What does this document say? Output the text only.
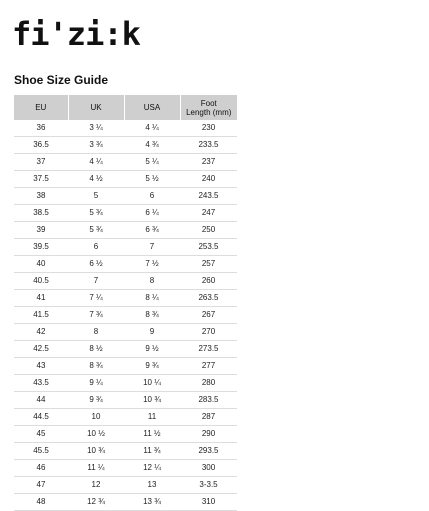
fi'zi:k
Shoe Size Guide
EU	UK	USA	Foot
Length (mm)
36	3 ¼	4 ¼	230
36.5	3 ¾	4 ¾	233.5
37	4 ¼	5 ¼	237
37.5	4 ½	5 ½	240
38	5	6	243.5
38.5	5 ¾	6 ¼	247
39	5 ¾	6 ¾	250
39.5	6	7	253.5
40	6 ½	7 ½	257
40.5	7	8	260
41	7 ¼	8 ¼	263.5
41.5	7 ¾	8 ¾	267
42	8	9	270
42.5	8 ½	9 ½	273.5
43	8 ¾	9 ¾	277
43.5	9 ¼	10 ¼	280
44	9 ¾	10 ¾	283.5
44.5	10	11	287
45	10 ½	11 ½	290
45.5	10 ¾	11 ¾	293.5
46	11 ¼	12 ¼	300
47	12	13	3-3.5
48	12 ¾	13 ¾	310
